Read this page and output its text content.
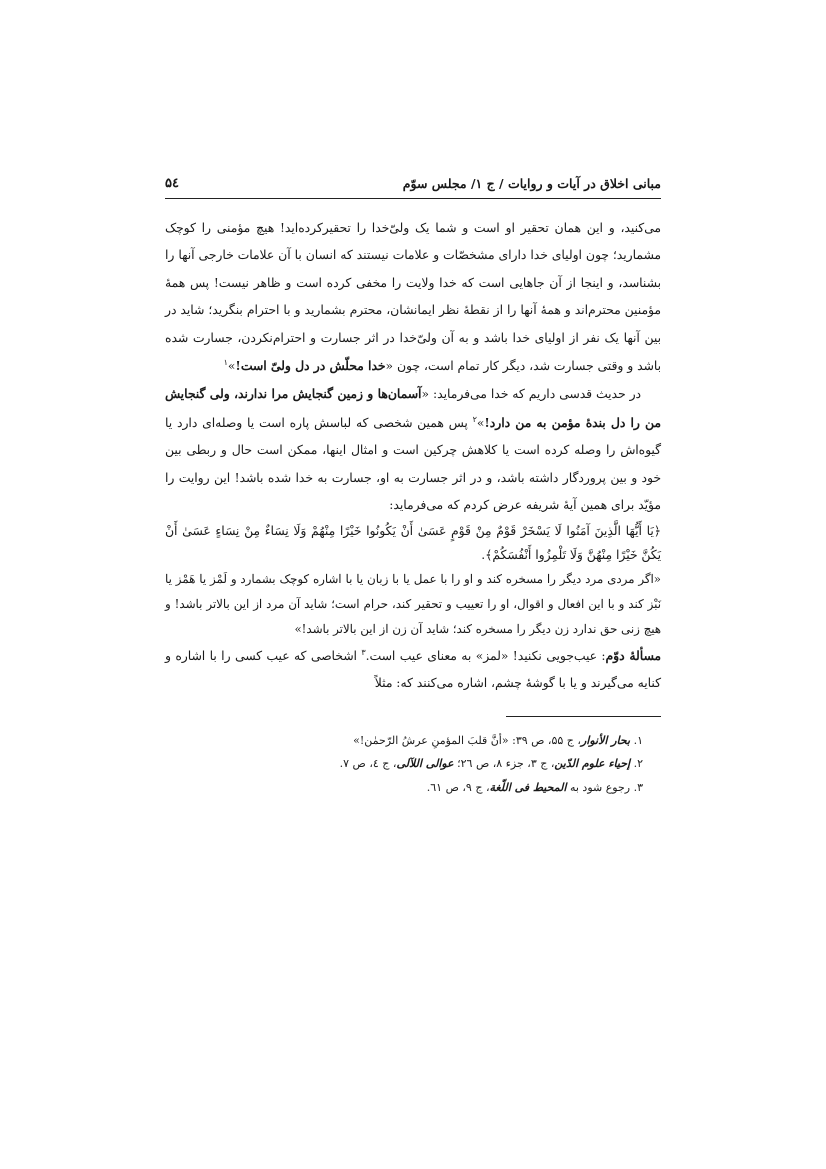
مبانی اخلاق در آیات و روایات / ج ۱/ مجلس سوّم
۵٤

می‌کنید، و این همان تحقیر او است و شما یک ولیّ‌خدا را تحقیرکرده‌اید! هیچ مؤمنی را کوچک مشمارید؛ چون اولیای خدا دارای مشخصّات و علامات نیستند که انسان با آن علامات خارجی آنها را بشناسد، و اینجا از آن جاهایی است که خدا ولایت را مخفی کرده است و ظاهر نیست! پس همهٔ مؤمنین محترم‌اند و همهٔ آنها را از نقطهٔ نظر ایمانشان، محترم بشمارید و با احترام بنگرید؛ شاید در بین آنها یک نفر از اولیای خدا باشد و به آن ولیّ‌خدا در اثر جسارت و احترام‌نکردن، جسارت شده باشد و وقتی جسارت شد، دیگر کار تمام است، چون «خدا محلّش در دل ولیّ است!»$^۱$

در حدیث قدسی داریم که خدا می‌فرماید: «آسمان‌ها و زمین گنجایش مرا ندارند، ولی گنجایش من را دل بندهٔ مؤمن به من دارد!»$^۲$ پس همین شخصی که لباسش پاره است یا وصله‌ای دارد یا گیوه‌اش را وصله کرده است یا کلاهش چرکین است و امثال اینها، ممکن است حال و ربطی بین خود و بین پروردگار داشته باشد، و در اثر جسارت به او، جسارت به خدا شده باشد! این روایت را مؤیّد برای همین آیهٔ شریفه عرض کردم که می‌فرماید:

﴿یَا أَیُّهَا الَّذِینَ آمَنُوا لَا یَسْخَرْ قَوْمٌ مِنْ قَوْمٍ عَسَىٰ أَنْ یَکُونُوا خَیْرًا مِنْهُمْ وَلَا نِسَاءٌ مِنْ نِسَاءٍ عَسَىٰ أَنْ یَکُنَّ خَیْرًا مِنْهُنَّ وَلَا تَلْمِزُوا أَنْفُسَکُمْ﴾.

«اگر مردی مرد دیگر را مسخره کند و او را با عمل یا با زبان یا با اشاره کوچک بشمارد و لَمْز یا هَمْز یا نَبْز کند و با این افعال و اقوال، او را تعییب و تحقیر کند، حرام است؛ شاید آن مرد از این بالاتر باشد! و هیچ زنی حق ندارد زن دیگر را مسخره کند؛ شاید آن زن از این بالاتر باشد!»

مسألهٔ دوّم: عیب‌جویی نکنید! «لمز» به معنای عیب است.$^۳$ اشخاصی که عیب کسی را با اشاره و کنایه می‌گیرند و یا با گوشهٔ چشم، اشاره می‌کنند که: مثلاً

۱. بحار الأنوار، ج ۵۵، ص ۳۹: «أنَّ قلبَ المؤمنِ عرشُ الرّحمٰن!»

۲. إحیاء علوم الدّین، ج ۳، جزء ۸، ص ۲٦؛ عوالی اللآلی، ج ٤، ص ۷.

۳. رجوع شود به المحیط فی اللّغة، ج ۹، ص ٦۱.
